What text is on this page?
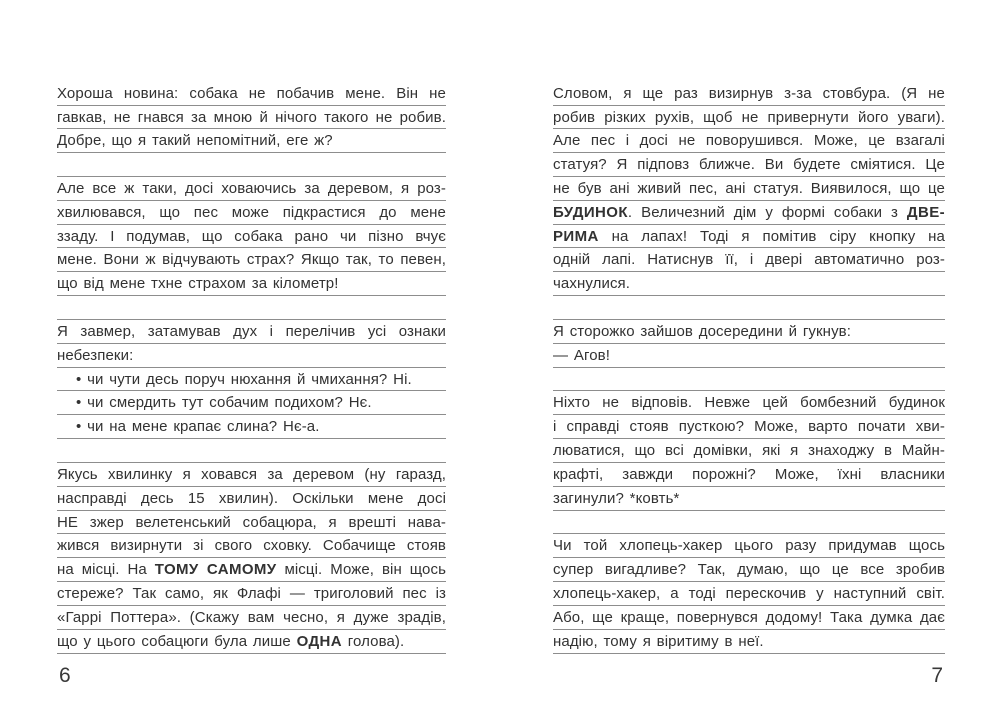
Хороша новина: собака не побачив мене. Він не
гавкав, не гнався за мною й нічого такого не робив.
Добре, що я такий непомітний, еге ж?
Але все ж таки, досі ховаючись за деревом, я роз-
хвилювався, що пес може підкрастися до мене
ззаду. І подумав, що собака рано чи пізно вчує
мене. Вони ж відчувають страх? Якщо так, то певен,
що від мене тхне страхом за кілометр!
Я завмер, затамував дух і перелічив усі ознаки
небезпеки:
• чи чути десь поруч нюхання й чмихання? Ні.
• чи смердить тут собачим подихом? Нє.
• чи на мене крапає слина? Нє-а.
Якусь хвилинку я ховався за деревом (ну гаразд,
насправді десь 15 хвилин). Оскільки мене досі
НЕ зжер велетенський собацюра, я врешті нава-
жився визирнути зі свого сховку. Собачище стояв
на місці. На ТОМУ САМОМУ місці. Може, він щось
стереже? Так само, як Флафі — триголовий пес із
«Гаррі Поттера». (Скажу вам чесно, я дуже зрадів,
що у цього собацюги була лише ОДНА голова).
6
Словом, я ще раз визирнув з-за стовбура. (Я не
робив різких рухів, щоб не привернути його уваги).
Але пес і досі не поворушився. Може, це взагалі
статуя? Я підповз ближче. Ви будете сміятися. Це
не був ані живий пес, ані статуя. Виявилося, що це
БУДИНОК. Величезний дім у формі собаки з ДВЕ-
РИМА на лапах! Тоді я помітив сіру кнопку на
одній лапі. Натиснув її, і двері автоматично роз-
чахнулися.
Я сторожко зайшов досередини й гукнув:
— Агов!
Ніхто не відповів. Невже цей бомбезний будинок
і справді стояв пусткою? Може, варто почати хви-
люватися, що всі домівки, які я знаходжу в Майн-
крафті, завжди порожні? Може, їхні власники
загинули? *ковть*
Чи той хлопець-хакер цього разу придумав щось
супер вигадливе? Так, думаю, що це все зробив
хлопець-хакер, а тоді перескочив у наступний світ.
Або, ще краще, повернувся додому! Така думка дає
надію, тому я віритиму в неї.
7
